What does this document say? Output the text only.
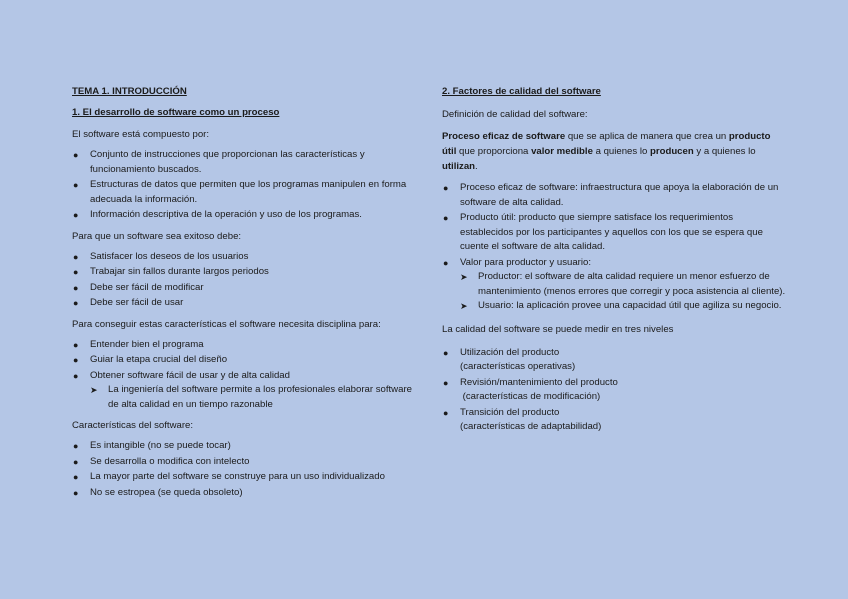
TEMA 1. INTRODUCCIÓN
1. El desarrollo de software como un proceso
El software está compuesto por:
● Conjunto de instrucciones que proporcionan las características y funcionamiento buscados.
● Estructuras de datos que permiten que los programas manipulen en forma adecuada la información.
● Información descriptiva de la operación y uso de los programas.
Para que un software sea exitoso debe:
● Satisfacer los deseos de los usuarios
● Trabajar sin fallos durante largos periodos
● Debe ser fácil de modificar
● Debe ser fácil de usar
Para conseguir estas características el software necesita disciplina para:
● Entender bien el programa
● Guiar la etapa crucial del diseño
● Obtener software fácil de usar y de alta calidad
➤ La ingeniería del software permite a los profesionales elaborar software de alta calidad en un tiempo razonable
Características del software:
● Es intangible (no se puede tocar)
● Se desarrolla o modifica con intelecto
● La mayor parte del software se construye para un uso individualizado
● No se estropea (se queda obsoleto)
2. Factores de calidad del software
Definición de calidad del software:
Proceso eficaz de software que se aplica de manera que crea un producto útil que proporciona valor medible a quienes lo producen y a quienes lo utilizan.
● Proceso eficaz de software: infraestructura que apoya la elaboración de un software de alta calidad.
● Producto útil: producto que siempre satisface los requerimientos establecidos por los participantes y aquellos con los que se espera que cuente el software de alta calidad.
● Valor para productor y usuario:
➤ Productor: el software de alta calidad requiere un menor esfuerzo de mantenimiento (menos errores que corregir y poca asistencia al cliente).
➤ Usuario: la aplicación provee una capacidad útil que agiliza su negocio.
La calidad del software se puede medir en tres niveles
● Utilización del producto
(características operativas)
● Revisión/mantenimiento del producto
(características de modificación)
● Transición del producto
(características de adaptabilidad)
